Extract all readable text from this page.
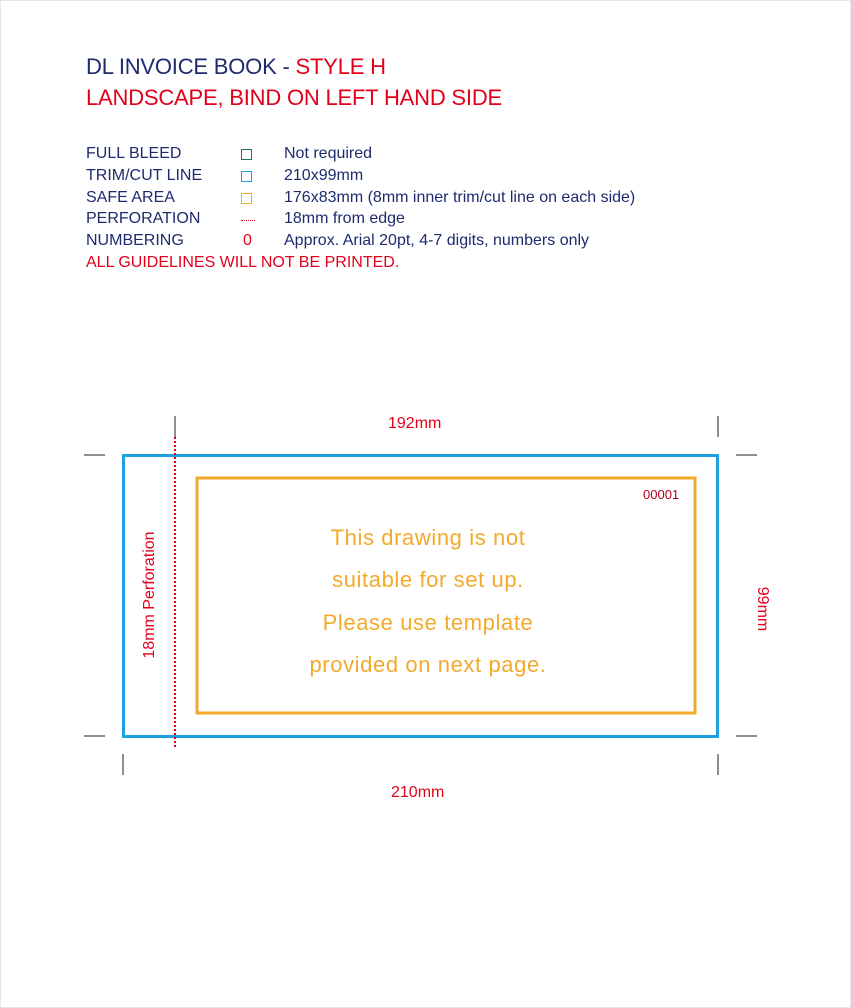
DL INVOICE BOOK - STYLE H
LANDSCAPE, BIND ON LEFT HAND SIDE
FULL BLEED	Not required
TRIM/CUT LINE	210x99mm
SAFE AREA	176x83mm (8mm inner trim/cut line on each side)
PERFORATION	18mm from edge
NUMBERING	0 Approx. Arial 20pt, 4-7 digits, numbers only
ALL GUIDELINES WILL NOT BE PRINTED.
192mm
210mm
99mm
18mm Perforation
00001
This drawing is not
suitable for set up.
Please use template
provided on next page.
